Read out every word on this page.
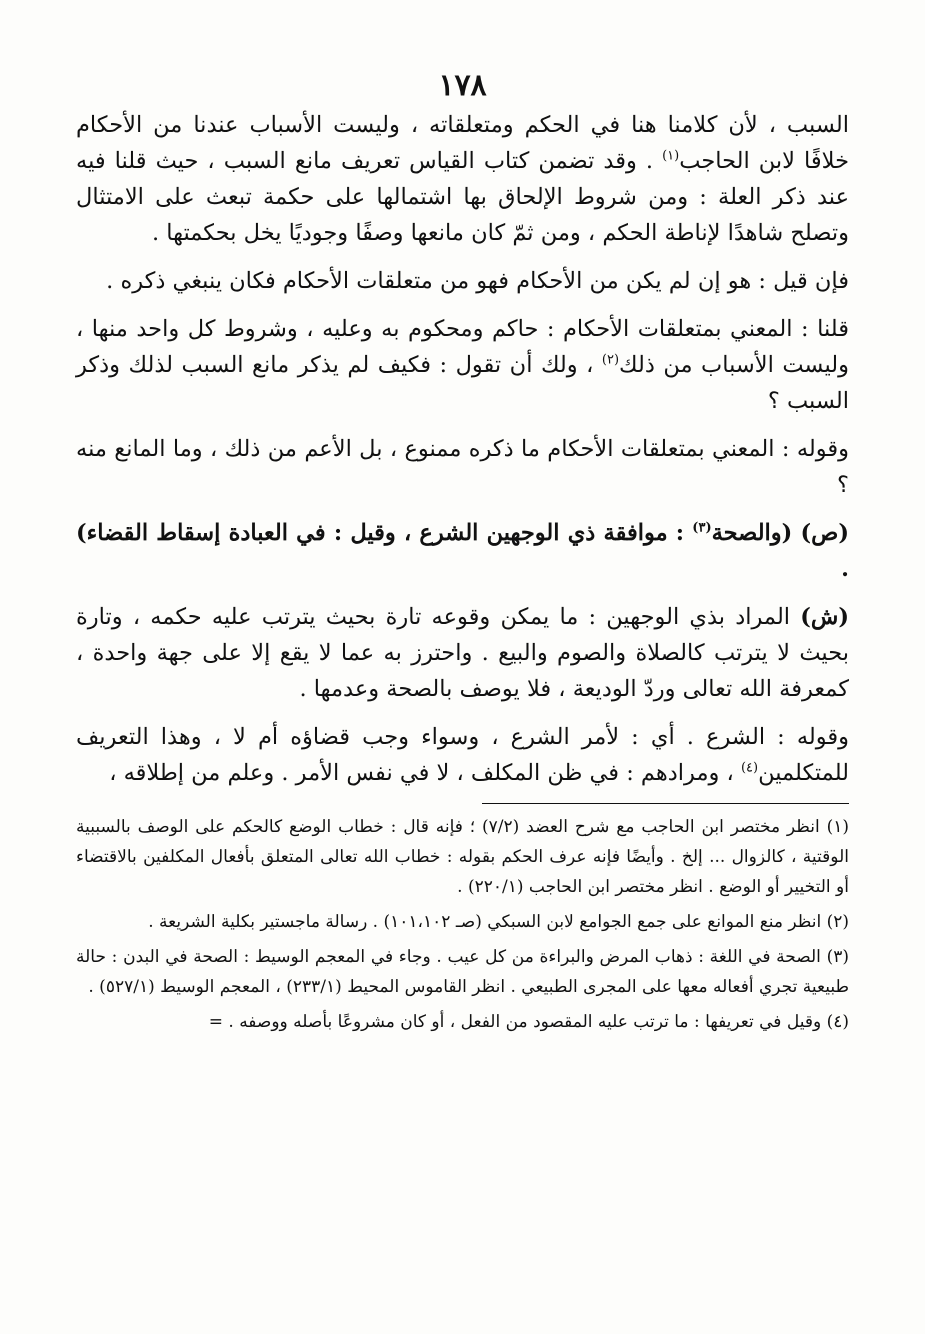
١٧٨

السبب ، لأن كلامنا هنا في الحكم ومتعلقاته ، وليست الأسباب عندنا من الأحكام خلافًا لابن الحاجب$^{(١)}$ . وقد تضمن كتاب القياس تعريف مانع السبب ، حيث قلنا فيه عند ذكر العلة : ومن شروط الإلحاق بها اشتمالها على حكمة تبعث على الامتثال وتصلح شاهدًا لإناطة الحكم ، ومن ثمّ كان مانعها وصفًا وجوديًا يخل بحكمتها .

فإن قيل : هو إن لم يكن من الأحكام فهو من متعلقات الأحكام فكان ينبغي ذكره .

قلنا : المعني بمتعلقات الأحكام : حاكم ومحكوم به وعليه ، وشروط كل واحد منها ، وليست الأسباب من ذلك$^{(٢)}$ ، ولك أن تقول : فكيف لم يذكر مانع السبب لذلك وذكر السبب ؟

وقوله : المعني بمتعلقات الأحكام ما ذكره ممنوع ، بل الأعم من ذلك ، وما المانع منه ؟

(ص) (والصحة$^{(٣)}$ : موافقة ذي الوجهين الشرع ، وقيل : في العبادة إسقاط القضاء) .

(ش) المراد بذي الوجهين : ما يمكن وقوعه تارة بحيث يترتب عليه حكمه ، وتارة بحيث لا يترتب كالصلاة والصوم والبيع . واحترز به عما لا يقع إلا على جهة واحدة ، كمعرفة الله تعالى وردّ الوديعة ، فلا يوصف بالصحة وعدمها .

وقوله : الشرع . أي : لأمر الشرع ، وسواء وجب قضاؤه أم لا ، وهذا التعريف للمتكلمين$^{(٤)}$ ، ومرادهم : في ظن المكلف ، لا في نفس الأمر . وعلم من إطلاقه ،

(١) انظر مختصر ابن الحاجب مع شرح العضد (٧/٢) ؛ فإنه قال : خطاب الوضع كالحكم على الوصف بالسببية الوقتية ، كالزوال ... إلخ . وأيضًا فإنه عرف الحكم بقوله : خطاب الله تعالى المتعلق بأفعال المكلفين بالاقتضاء أو التخيير أو الوضع . انظر مختصر ابن الحاجب (٢٢٠/١) .

(٢) انظر منع الموانع على جمع الجوامع لابن السبكي (صـ ١٠١،١٠٢) . رسالة ماجستير بكلية الشريعة .

(٣) الصحة في اللغة : ذهاب المرض والبراءة من كل عيب . وجاء في المعجم الوسيط : الصحة في البدن : حالة طبيعية تجري أفعاله معها على المجرى الطبيعي . انظر القاموس المحيط (٢٣٣/١) ، المعجم الوسيط (٥٢٧/١) .

(٤) وقيل في تعريفها : ما ترتب عليه المقصود من الفعل ، أو كان مشروعًا بأصله ووصفه . =
